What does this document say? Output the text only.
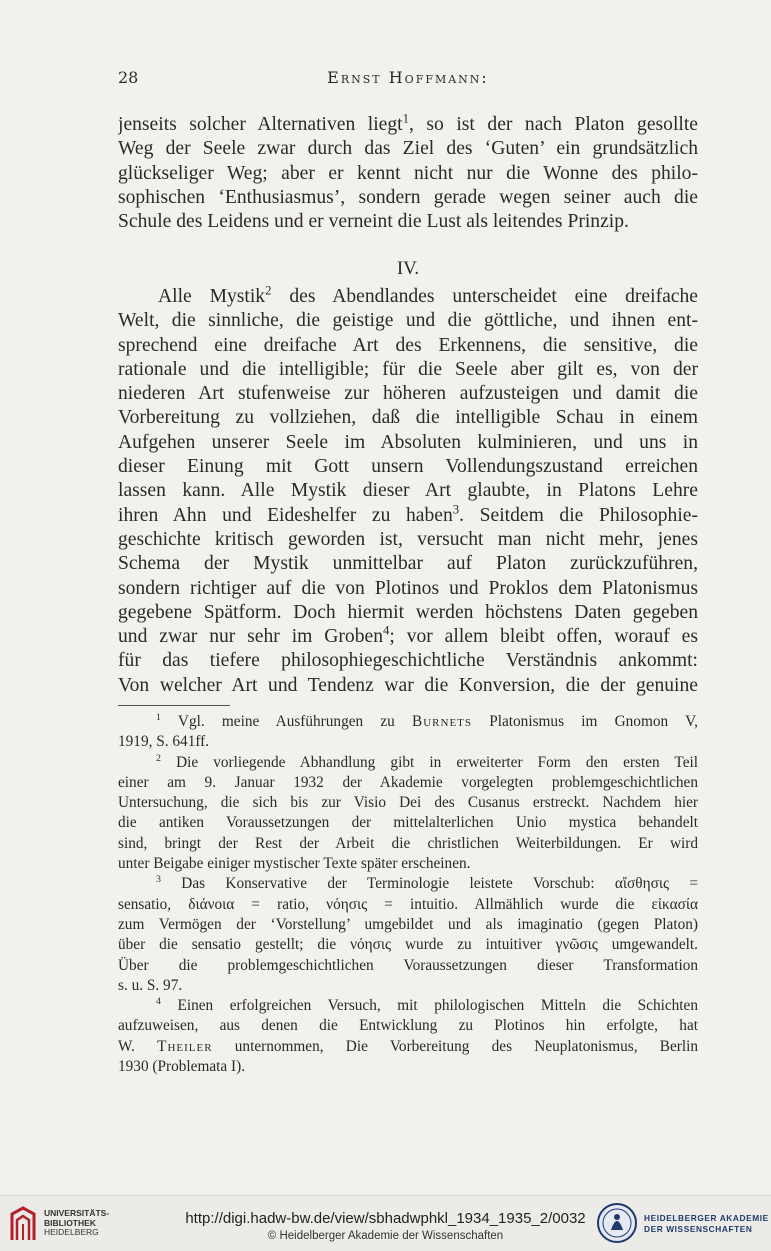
28	Ernst Hoffmann:
jenseits solcher Alternativen liegt$^1$, so ist der nach Platon gesollte
Weg der Seele zwar durch das Ziel des ‘Guten’ ein grundsätzlich
glückseliger Weg; aber er kennt nicht nur die Wonne des philo-
sophischen ‘Enthusiasmus’, sondern gerade wegen seiner auch die
Schule des Leidens und er verneint die Lust als leitendes Prinzip.
IV.
Alle Mystik$^2$ des Abendlandes unterscheidet eine dreifache
Welt, die sinnliche, die geistige und die göttliche, und ihnen ent-
sprechend eine dreifache Art des Erkennens, die sensitive, die
rationale und die intelligible; für die Seele aber gilt es, von der
niederen Art stufenweise zur höheren aufzusteigen und damit die
Vorbereitung zu vollziehen, daß die intelligible Schau in einem
Aufgehen unserer Seele im Absoluten kulminieren, und uns in
dieser Einung mit Gott unsern Vollendungszustand erreichen
lassen kann. Alle Mystik dieser Art glaubte, in Platons Lehre
ihren Ahn und Eideshelfer zu haben$^3$. Seitdem die Philosophie-
geschichte kritisch geworden ist, versucht man nicht mehr, jenes
Schema der Mystik unmittelbar auf Platon zurückzuführen,
sondern richtiger auf die von Plotinos und Proklos dem Platonismus
gegebene Spätform. Doch hiermit werden höchstens Daten gegeben
und zwar nur sehr im Groben$^4$; vor allem bleibt offen, worauf es
für das tiefere philosophiegeschichtliche Verständnis ankommt:
Von welcher Art und Tendenz war die Konversion, die der genuine
$^1$ Vgl. meine Ausführungen zu Burnets Platonismus im Gnomon V,
1919, S. 641ff.
$^2$ Die vorliegende Abhandlung gibt in erweiterter Form den ersten Teil
einer am 9. Januar 1932 der Akademie vorgelegten problemgeschichtlichen
Untersuchung, die sich bis zur Visio Dei des Cusanus erstreckt. Nachdem hier
die antiken Voraussetzungen der mittelalterlichen Unio mystica behandelt
sind, bringt der Rest der Arbeit die christlichen Weiterbildungen. Er wird
unter Beigabe einiger mystischer Texte später erscheinen.
$^3$ Das Konservative der Terminologie leistete Vorschub: αἴσθησις =
sensatio, διάνοια = ratio, νόησις = intuitio. Allmählich wurde die εἰκασία
zum Vermögen der ‘Vorstellung’ umgebildet und als imaginatio (gegen Platon)
über die sensatio gestellt; die νόησις wurde zu intuitiver γνῶσις umgewandelt.
Über die problemgeschichtlichen Voraussetzungen dieser Transformation
s. u. S. 97.
$^4$ Einen erfolgreichen Versuch, mit philologischen Mitteln die Schichten
aufzuweisen, aus denen die Entwicklung zu Plotinos hin erfolgte, hat
W. Theiler unternommen, Die Vorbereitung des Neuplatonismus, Berlin
1930 (Problemata I).
UNIVERSITÄTS-
BIBLIOTHEK
HEIDELBERG
http://digi.hadw-bw.de/view/sbhadwphkl_1934_1935_2/0032
© Heidelberger Akademie der Wissenschaften
HEIDELBERGER AKADEMIE
DER WISSENSCHAFTEN
